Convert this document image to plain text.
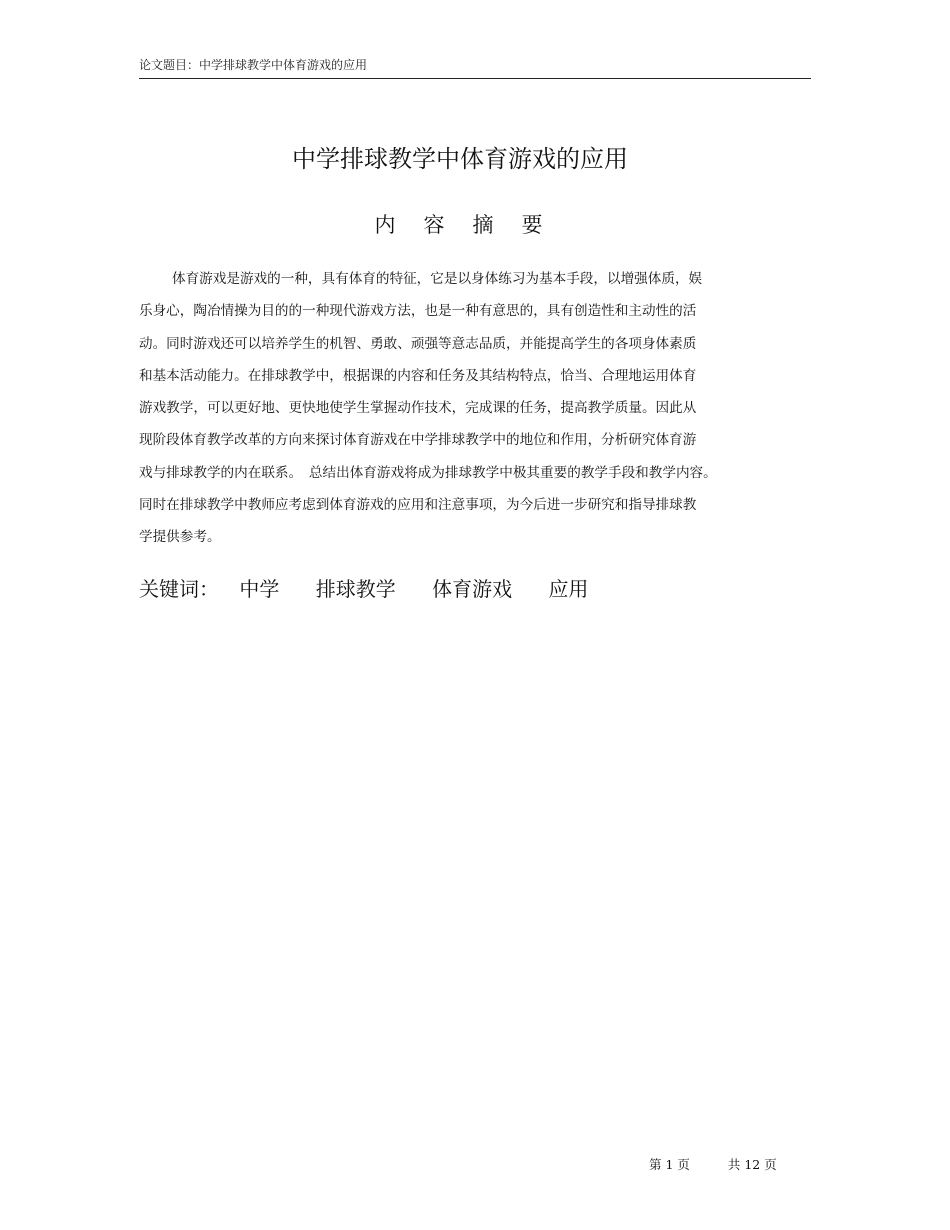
论文题目：中学排球教学中体育游戏的应用
中学排球教学中体育游戏的应用
内容摘要
体育游戏是游戏的一种，具有体育的特征，它是以身体练习为基本手段，以增强体质，娱
乐身心，陶冶情操为目的的一种现代游戏方法，也是一种有意思的，具有创造性和主动性的活
动。同时游戏还可以培养学生的机智、勇敢、顽强等意志品质，并能提高学生的各项身体素质
和基本活动能力。在排球教学中，根据课的内容和任务及其结构特点，恰当、合理地运用体育
游戏教学，可以更好地、更快地使学生掌握动作技术，完成课的任务，提高教学质量。因此从
现阶段体育教学改革的方向来探讨体育游戏在中学排球教学中的地位和作用，分析研究体育游
戏与排球教学的内在联系。　总结出体育游戏将成为排球教学中极其重要的教学手段和教学内容。
同时在排球教学中教师应考虑到体育游戏的应用和注意事项，为今后进一步研究和指导排球教
学提供参考。
关键词： 中学 排球教学 体育游戏 应用
第 1 页	共 12 页
